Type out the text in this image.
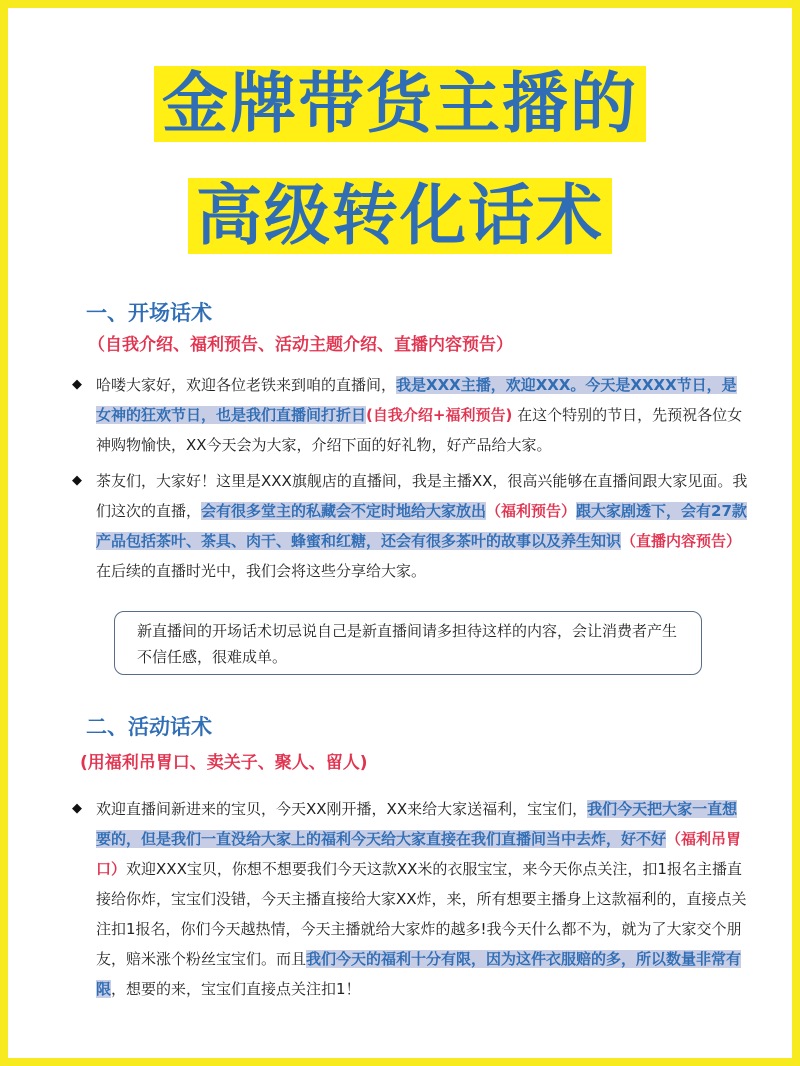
金牌带货主播的
高级转化话术
一、开场话术
（自我介绍、福利预告、活动主题介绍、直播内容预告）
◆ 哈喽大家好，欢迎各位老铁来到咱的直播间，我是XXX主播，欢迎XXX。今天是XXXX节日，是女神的狂欢节日，也是我们直播间打折日(自我介绍+福利预告) 在这个特别的节日，先预祝各位女神购物愉快，XX今天会为大家，介绍下面的好礼物，好产品给大家。
◆ 茶友们，大家好！这里是XXX旗舰店的直播间，我是主播XX，很高兴能够在直播间跟大家见面。我们这次的直播，会有很多堂主的私藏会不定时地给大家放出（福利预告）跟大家剧透下，会有27款产品包括茶叶、茶具、肉干、蜂蜜和红糖，还会有很多茶叶的故事以及养生知识（直播内容预告）在后续的直播时光中，我们会将这些分享给大家。
新直播间的开场话术切忌说自己是新直播间请多担待这样的内容，会让消费者产生不信任感，很难成单。
二、活动话术
(用福利吊胃口、卖关子、聚人、留人)
◆ 欢迎直播间新进来的宝贝，今天XX刚开播，XX来给大家送福利，宝宝们，我们今天把大家一直想要的，但是我们一直没给大家上的福利今天给大家直接在我们直播间当中去炸，好不好（福利吊胃口）欢迎XXX宝贝，你想不想要我们今天这款XX米的衣服宝宝，来今天你点关注，扣1报名主播直接给你炸，宝宝们没错，今天主播直接给大家XX炸，来，所有想要主播身上这款福利的，直接点关注扣1报名，你们今天越热情，今天主播就给大家炸的越多!我今天什么都不为，就为了大家交个朋友，赔米涨个粉丝宝宝们。而且我们今天的福利十分有限，因为这件衣服赔的多，所以数量非常有限，想要的来，宝宝们直接点关注扣1！
